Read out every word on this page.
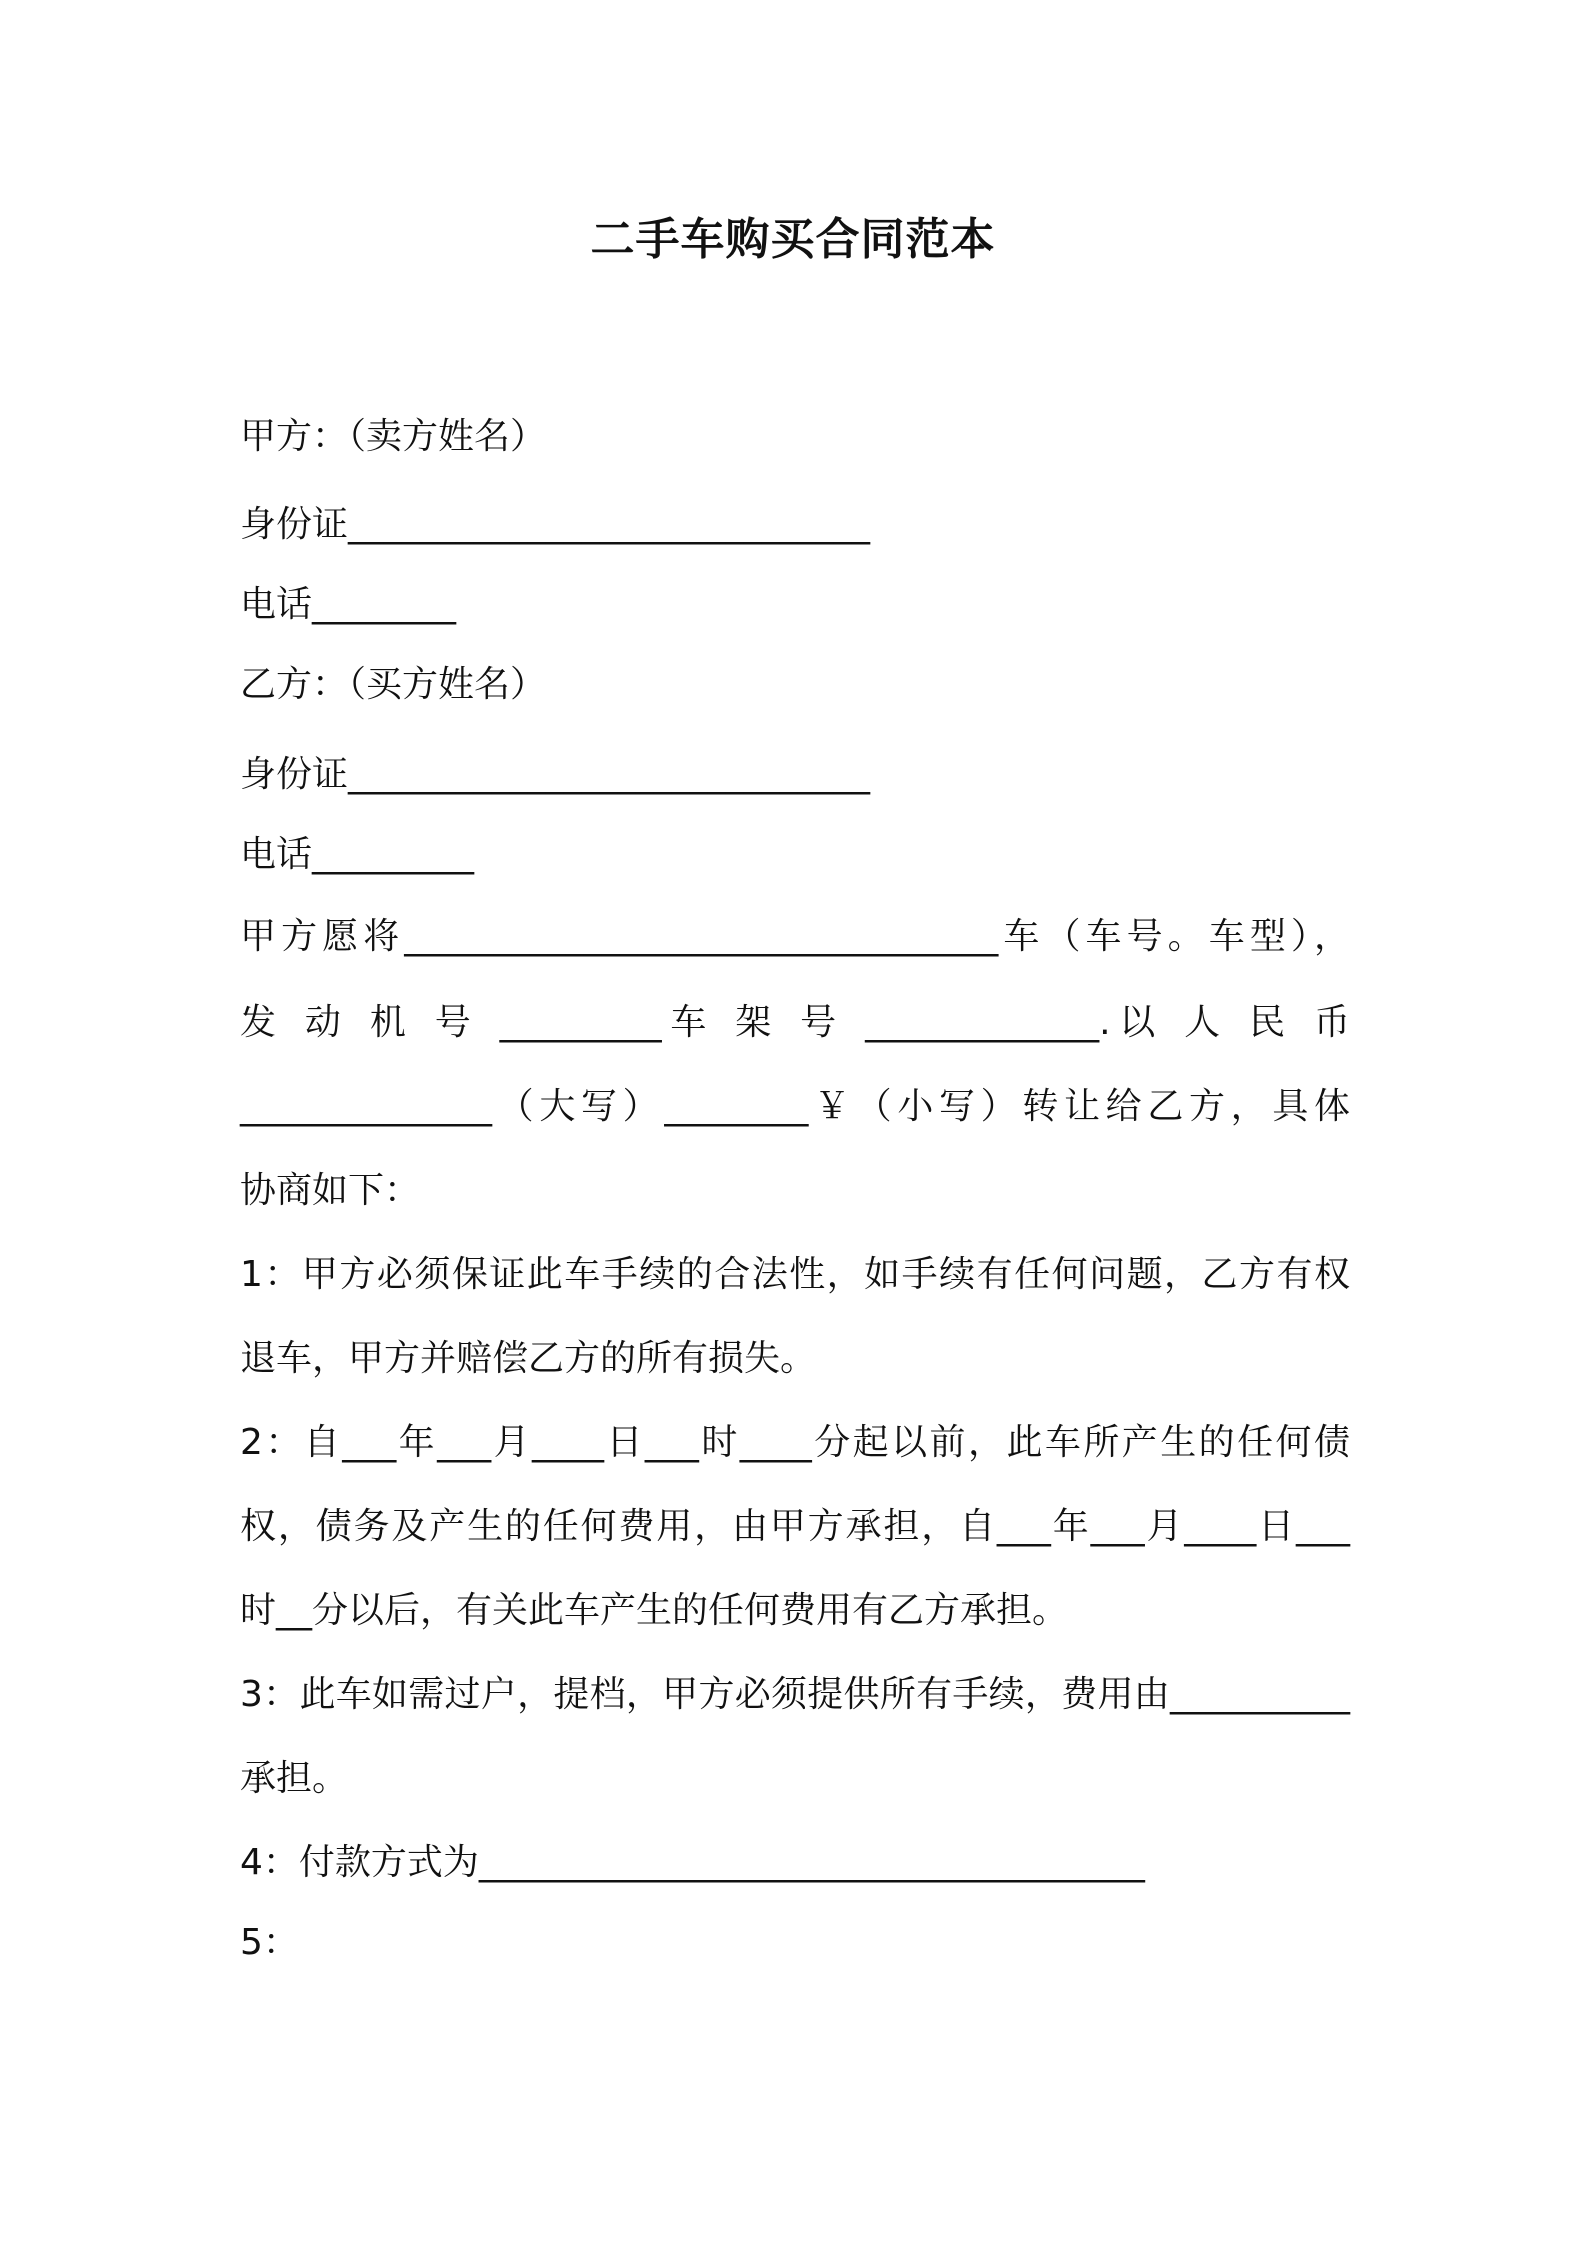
二手车购买合同范本
甲方：（卖方姓名）
身份证_____________________________
电话________
乙方：（买方姓名）
身份证_____________________________
电话_________
甲方愿将_________________________________车（车号。车型），
发 动 机 号 _________车 架 号 _____________.以 人 民 币
______________（大写）________￥（小写）转让给乙方，具体
协商如下：
1：甲方必须保证此车手续的合法性，如手续有任何问题，乙方有权
退车，甲方并赔偿乙方的所有损失。
2：自___年___月____日___时____分起以前，此车所产生的任何债
权，债务及产生的任何费用，由甲方承担，自___年___月____日___
时__分以后，有关此车产生的任何费用有乙方承担。
3：此车如需过户，提档，甲方必须提供所有手续，费用由__________
承担。
4：付款方式为_____________________________________
5：
